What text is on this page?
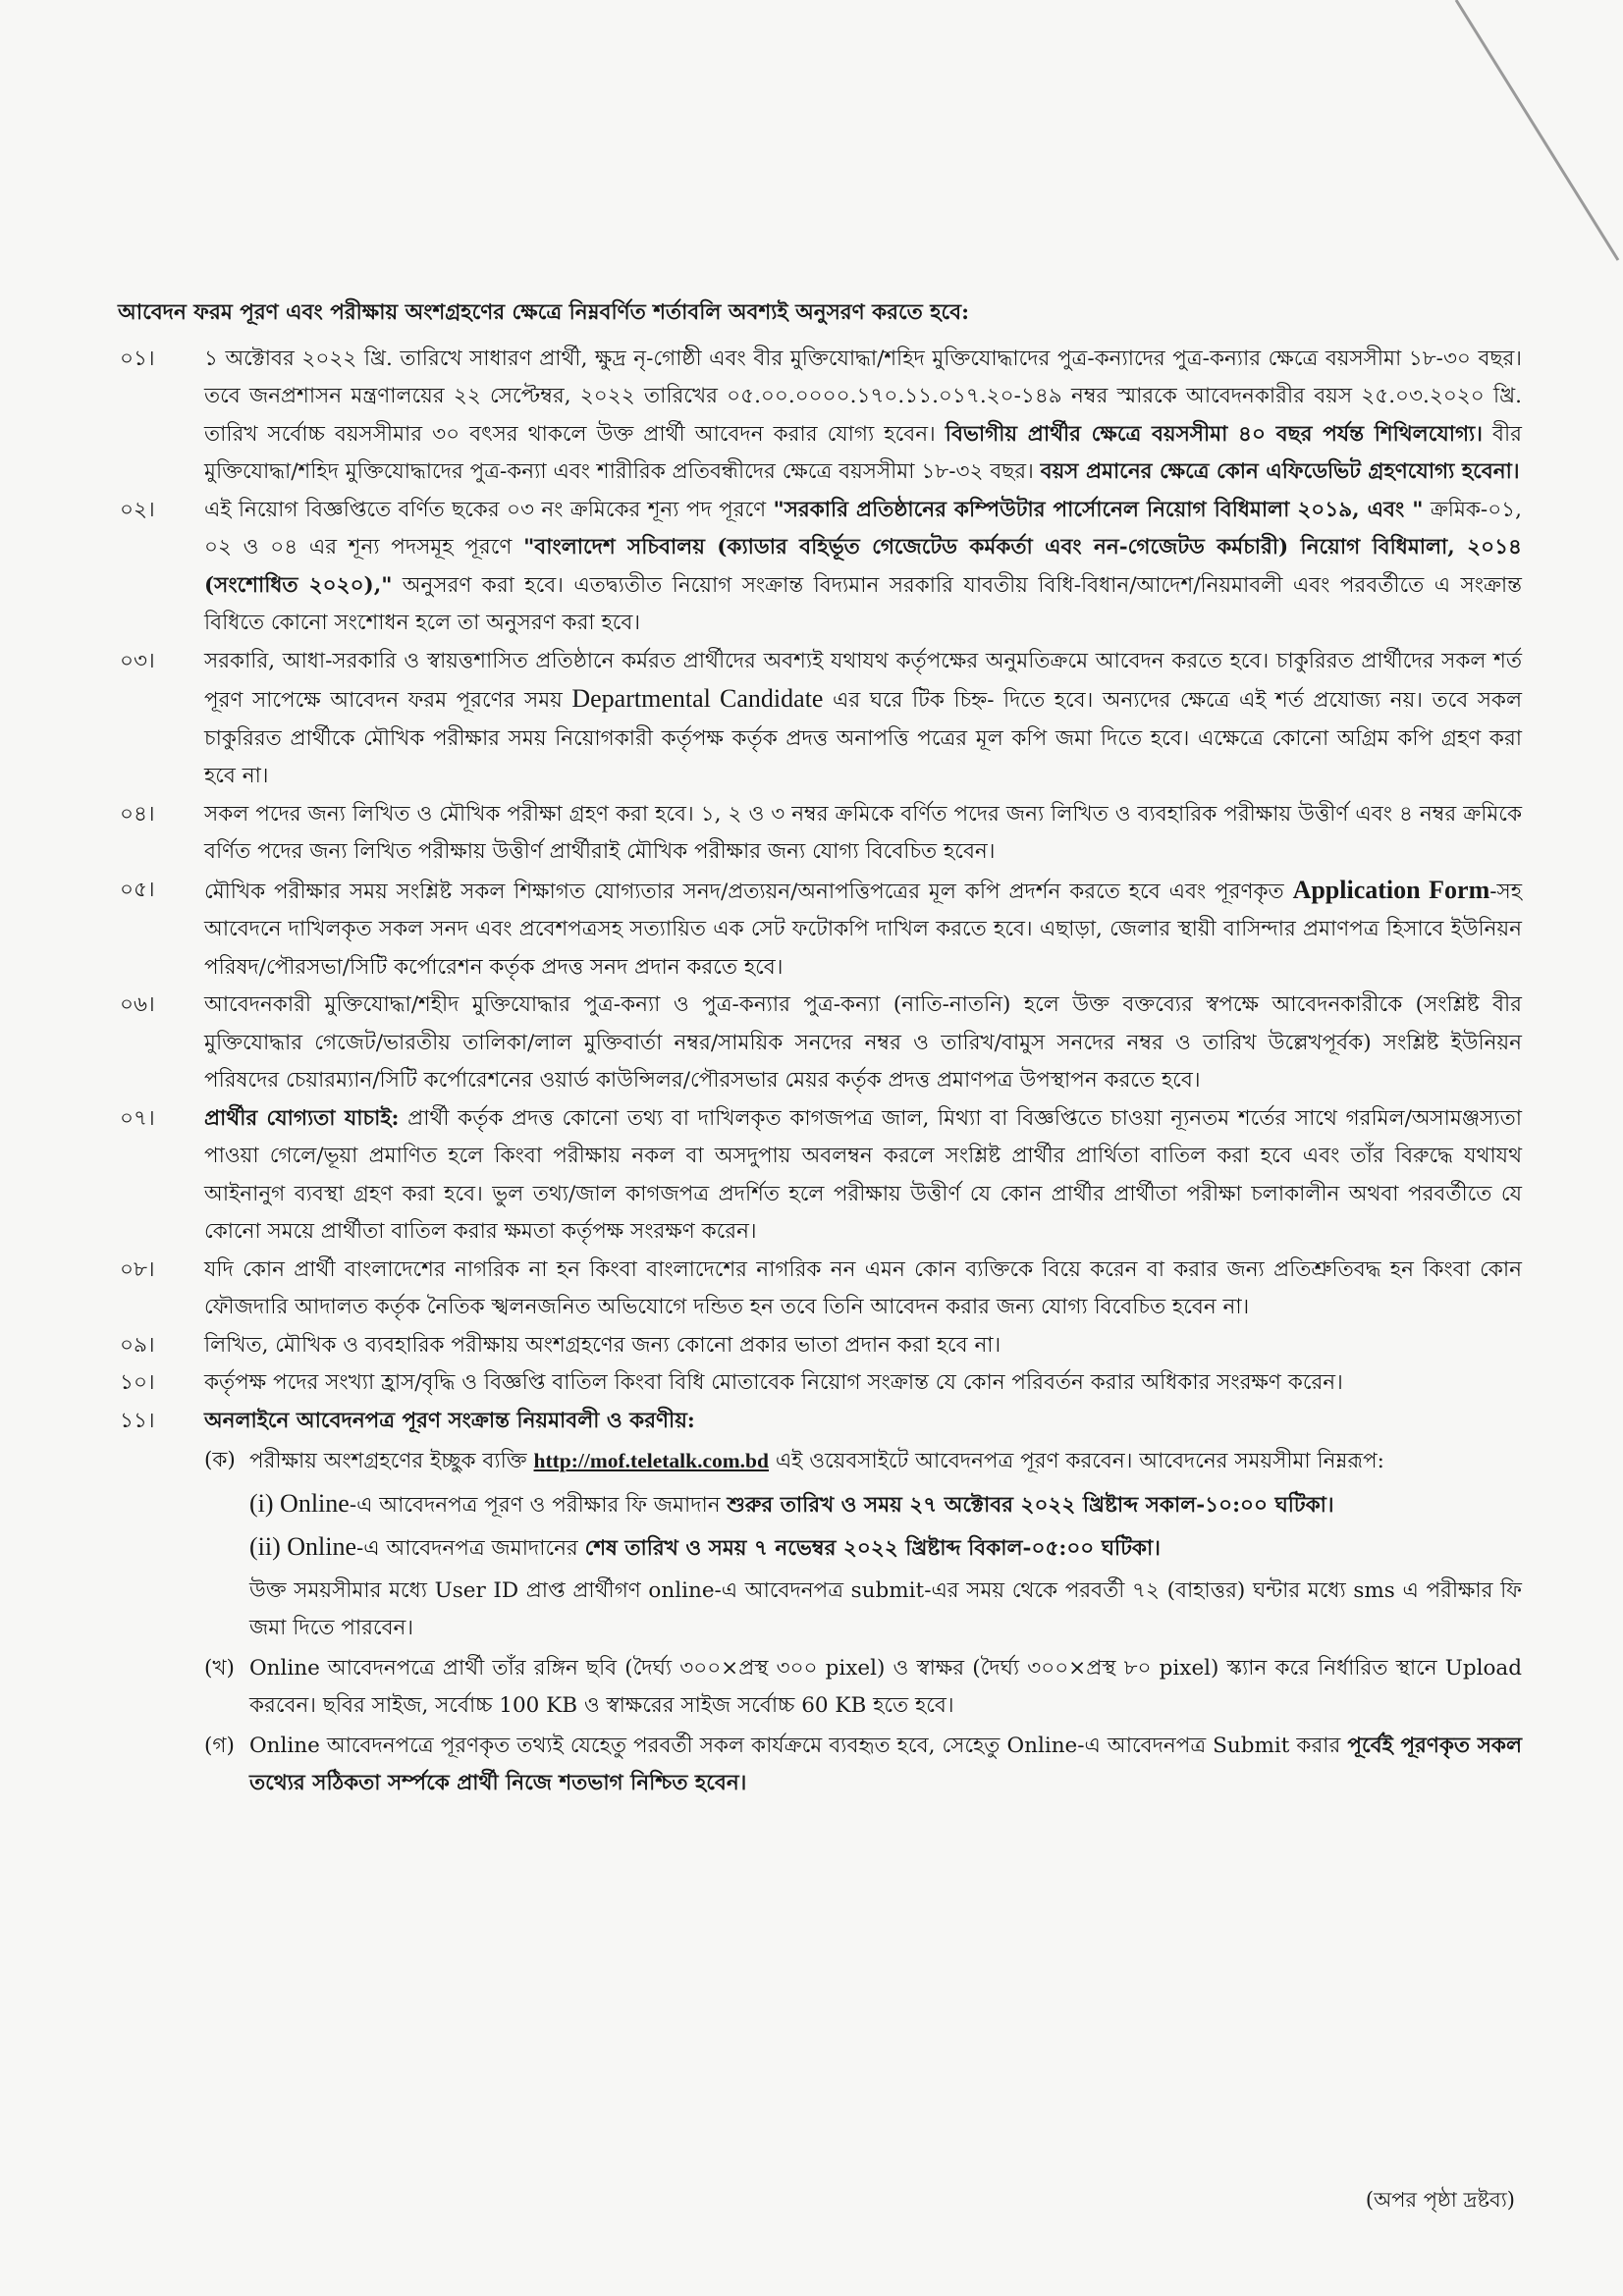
আবেদন ফরম পূরণ এবং পরীক্ষায় অংশগ্রহণের ক্ষেত্রে নিম্নবর্ণিত শর্তাবলি অবশ্যই অনুসরণ করতে হবে:
০১।	১ অক্টোবর ২০২২ খ্রি. তারিখে সাধারণ প্রার্থী, ক্ষুদ্র নৃ-গোষ্ঠী এবং বীর মুক্তিযোদ্ধা/শহিদ মুক্তিযোদ্ধাদের পুত্র-কন্যাদের পুত্র-কন্যার ক্ষেত্রে বয়সসীমা ১৮-৩০ বছর। তবে জনপ্রশাসন মন্ত্রণালয়ের ২২ সেপ্টেম্বর, ২০২২ তারিখের ০৫.০০.০০০০.১৭০.১১.০১৭.২০-১৪৯ নম্বর স্মারকে আবেদনকারীর বয়স ২৫.০৩.২০২০ খ্রি. তারিখ সর্বোচ্চ বয়সসীমার ৩০ বৎসর থাকলে উক্ত প্রার্থী আবেদন করার যোগ্য হবেন। বিভাগীয় প্রার্থীর ক্ষেত্রে বয়সসীমা ৪০ বছর পর্যন্ত শিথিলযোগ্য। বীর মুক্তিযোদ্ধা/শহিদ মুক্তিযোদ্ধাদের পুত্র-কন্যা এবং শারীরিক প্রতিবন্ধীদের ক্ষেত্রে বয়সসীমা ১৮-৩২ বছর। বয়স প্রমানের ক্ষেত্রে কোন এফিডেভিট গ্রহণযোগ্য হবেনা।
০২।	এই নিয়োগ বিজ্ঞপ্তিতে বর্ণিত ছকের ০৩ নং ক্রমিকের শূন্য পদ পূরণে "সরকারি প্রতিষ্ঠানের কম্পিউটার পার্সোনেল নিয়োগ বিধিমালা ২০১৯, এবং " ক্রমিক-০১, ০২ ও ০৪ এর শূন্য পদসমূহ পূরণে "বাংলাদেশ সচিবালয় (ক্যাডার বহির্ভূত গেজেটেড কর্মকর্তা এবং নন-গেজেটড কর্মচারী) নিয়োগ বিধিমালা, ২০১৪ (সংশোধিত ২০২০)," অনুসরণ করা হবে। এতদ্ব্যতীত নিয়োগ সংক্রান্ত বিদ্যমান সরকারি যাবতীয় বিধি-বিধান/আদেশ/নিয়মাবলী এবং পরবর্তীতে এ সংক্রান্ত বিধিতে কোনো সংশোধন হলে তা অনুসরণ করা হবে।
০৩।	সরকারি, আধা-সরকারি ও স্বায়ত্তশাসিত প্রতিষ্ঠানে কর্মরত প্রার্থীদের অবশ্যই যথাযথ কর্তৃপক্ষের অনুমতিক্রমে আবেদন করতে হবে। চাকুরিরত প্রার্থীদের সকল শর্ত পূরণ সাপেক্ষে আবেদন ফরম পূরণের সময় Departmental Candidate এর ঘরে টিক চিহ্ন- দিতে হবে। অন্যদের ক্ষেত্রে এই শর্ত প্রযোজ্য নয়। তবে সকল চাকুরিরত প্রার্থীকে মৌখিক পরীক্ষার সময় নিয়োগকারী কর্তৃপক্ষ কর্তৃক প্রদত্ত অনাপত্তি পত্রের মূল কপি জমা দিতে হবে। এক্ষেত্রে কোনো অগ্রিম কপি গ্রহণ করা হবে না।
০৪।	সকল পদের জন্য লিখিত ও মৌখিক পরীক্ষা গ্রহণ করা হবে। ১, ২ ও ৩ নম্বর ক্রমিকে বর্ণিত পদের জন্য লিখিত ও ব্যবহারিক পরীক্ষায় উত্তীর্ণ এবং ৪ নম্বর ক্রমিকে বর্ণিত পদের জন্য লিখিত পরীক্ষায় উত্তীর্ণ প্রার্থীরাই মৌখিক পরীক্ষার জন্য যোগ্য বিবেচিত হবেন।
০৫।	মৌখিক পরীক্ষার সময় সংশ্লিষ্ট সকল শিক্ষাগত যোগ্যতার সনদ/প্রত্যয়ন/অনাপত্তিপত্রের মূল কপি প্রদর্শন করতে হবে এবং পূরণকৃত Application Form-সহ আবেদনে দাখিলকৃত সকল সনদ এবং প্রবেশপত্রসহ সত্যায়িত এক সেট ফটোকপি দাখিল করতে হবে। এছাড়া, জেলার স্থায়ী বাসিন্দার প্রমাণপত্র হিসাবে ইউনিয়ন পরিষদ/পৌরসভা/সিটি কর্পোরেশন কর্তৃক প্রদত্ত সনদ প্রদান করতে হবে।
০৬।	আবেদনকারী মুক্তিযোদ্ধা/শহীদ মুক্তিযোদ্ধার পুত্র-কন্যা ও পুত্র-কন্যার পুত্র-কন্যা (নাতি-নাতনি) হলে উক্ত বক্তব্যের স্বপক্ষে আবেদনকারীকে (সংশ্লিষ্ট বীর মুক্তিযোদ্ধার গেজেট/ভারতীয় তালিকা/লাল মুক্তিবার্তা নম্বর/সাময়িক সনদের নম্বর ও তারিখ/বামুস সনদের নম্বর ও তারিখ উল্লেখপূর্বক) সংশ্লিষ্ট ইউনিয়ন পরিষদের চেয়ারম্যান/সিটি কর্পোরেশনের ওয়ার্ড কাউন্সিলর/পৌরসভার মেয়র কর্তৃক প্রদত্ত প্রমাণপত্র উপস্থাপন করতে হবে।
০৭।	প্রার্থীর যোগ্যতা যাচাই: প্রার্থী কর্তৃক প্রদত্ত কোনো তথ্য বা দাখিলকৃত কাগজপত্র জাল, মিথ্যা বা বিজ্ঞপ্তিতে চাওয়া ন্যূনতম শর্তের সাথে গরমিল/অসামঞ্জস্যতা পাওয়া গেলে/ভূয়া প্রমাণিত হলে কিংবা পরীক্ষায় নকল বা অসদুপায় অবলম্বন করলে সংশ্লিষ্ট প্রার্থীর প্রার্থিতা বাতিল করা হবে এবং তাঁর বিরুদ্ধে যথাযথ আইনানুগ ব্যবস্থা গ্রহণ করা হবে। ভুল তথ্য/জাল কাগজপত্র প্রদর্শিত হলে পরীক্ষায় উত্তীর্ণ যে কোন প্রার্থীর প্রার্থীতা পরীক্ষা চলাকালীন অথবা পরবর্তীতে যে কোনো সময়ে প্রার্থীতা বাতিল করার ক্ষমতা কর্তৃপক্ষ সংরক্ষণ করেন।
০৮।	যদি কোন প্রার্থী বাংলাদেশের নাগরিক না হন কিংবা বাংলাদেশের নাগরিক নন এমন কোন ব্যক্তিকে বিয়ে করেন বা করার জন্য প্রতিশ্রুতিবদ্ধ হন কিংবা কোন ফৌজদারি আদালত কর্তৃক নৈতিক স্খলনজনিত অভিযোগে দন্ডিত হন তবে তিনি আবেদন করার জন্য যোগ্য বিবেচিত হবেন না।
০৯।	লিখিত, মৌখিক ও ব্যবহারিক পরীক্ষায় অংশগ্রহণের জন্য কোনো প্রকার ভাতা প্রদান করা হবে না।
১০।	কর্তৃপক্ষ পদের সংখ্যা হ্রাস/বৃদ্ধি ও বিজ্ঞপ্তি বাতিল কিংবা বিধি মোতাবেক নিয়োগ সংক্রান্ত যে কোন পরিবর্তন করার অধিকার সংরক্ষণ করেন।
১১।	অনলাইনে আবেদনপত্র পূরণ সংক্রান্ত নিয়মাবলী ও করণীয়:
(ক) পরীক্ষায় অংশগ্রহণের ইচ্ছুক ব্যক্তি http://mof.teletalk.com.bd এই ওয়েবসাইটে আবেদনপত্র পূরণ করবেন। আবেদনের সময়সীমা নিম্নরূপ:
(i) Online-এ আবেদনপত্র পূরণ ও পরীক্ষার ফি জমাদান শুরুর তারিখ ও সময় ২৭ অক্টোবর ২০২২ খ্রিষ্টাব্দ সকাল-১০:০০ ঘটিকা।
(ii) Online-এ আবেদনপত্র জমাদানের শেষ তারিখ ও সময় ৭ নভেম্বর ২০২২ খ্রিষ্টাব্দ বিকাল-০৫:০০ ঘটিকা।
উক্ত সময়সীমার মধ্যে User ID প্রাপ্ত প্রার্থীগণ online-এ আবেদনপত্র submit-এর সময় থেকে পরবর্তী ৭২ (বাহাত্তর) ঘন্টার মধ্যে sms এ পরীক্ষার ফি জমা দিতে পারবেন।
(খ) Online আবেদনপত্রে প্রার্থী তাঁর রঙ্গিন ছবি (দৈর্ঘ্য ৩০০×প্রস্থ ৩০০ pixel) ও স্বাক্ষর (দৈর্ঘ্য ৩০০×প্রস্থ ৮০ pixel) স্ক্যান করে নির্ধারিত স্থানে Upload করবেন। ছবির সাইজ, সর্বোচ্চ 100 KB ও স্বাক্ষরের সাইজ সর্বোচ্চ 60 KB হতে হবে।
(গ) Online আবেদনপত্রে পূরণকৃত তথ্যই যেহেতু পরবর্তী সকল কার্যক্রমে ব্যবহৃত হবে, সেহেতু Online-এ আবেদনপত্র Submit করার পূর্বেই পূরণকৃত সকল তথ্যের সঠিকতা সর্ম্পকে প্রার্থী নিজে শতভাগ নিশ্চিত হবেন।
(অপর পৃষ্ঠা দ্রষ্টব্য)
